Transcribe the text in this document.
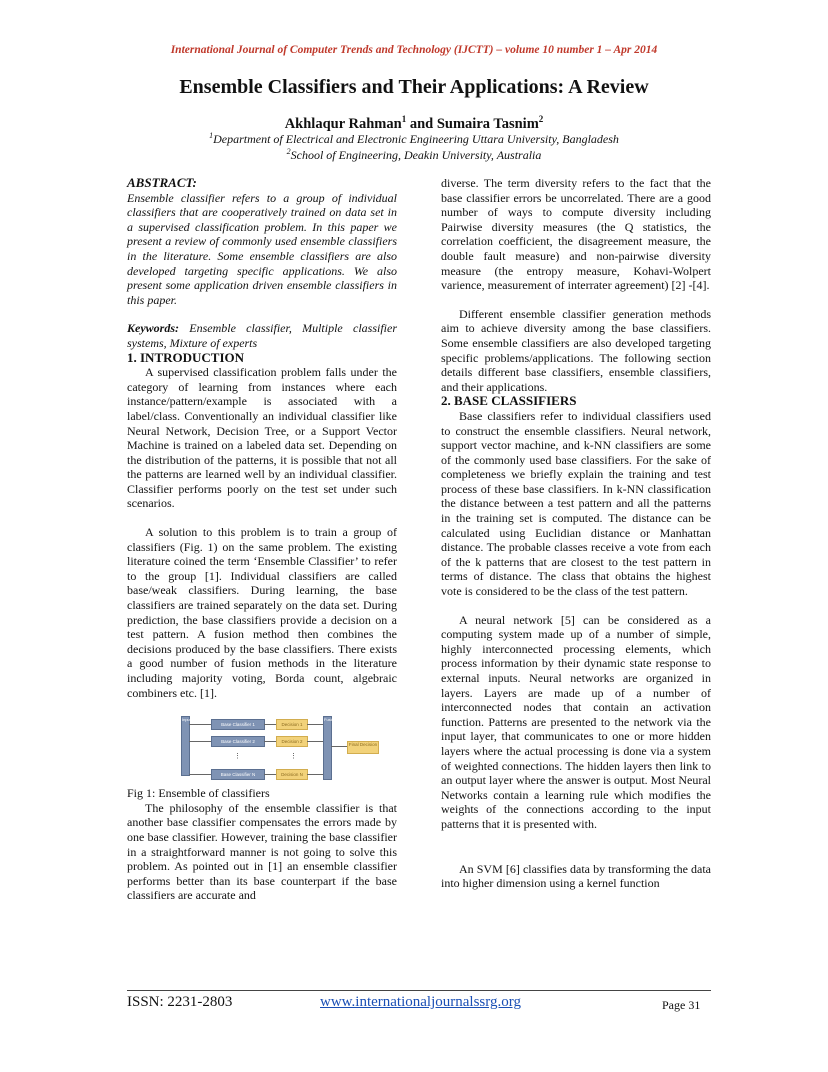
International Journal of Computer Trends and Technology (IJCTT) – volume 10 number 1 – Apr 2014
Ensemble Classifiers and Their Applications: A Review
Akhlaqur Rahman$^1$ and Sumaira Tasnim$^2$
$^1$Department of Electrical and Electronic Engineering Uttara University, Bangladesh
$^2$School of Engineering, Deakin University, Australia

ABSTRACT:

Ensemble classifier refers to a group of individual classifiers that are cooperatively trained on data set in a supervised classification problem. In this paper we present a review of commonly used ensemble classifiers in the literature. Some ensemble classifiers are also developed targeting specific applications. We also present some application driven ensemble classifiers in this paper.

Keywords: Ensemble classifier, Multiple classifier systems, Mixture of experts

1. INTRODUCTION

A supervised classification problem falls under the category of learning from instances where each instance/pattern/example is associated with a label/class. Conventionally an individual classifier like Neural Network, Decision Tree, or a Support Vector Machine is trained on a labeled data set. Depending on the distribution of the patterns, it is possible that not all the patterns are learned well by an individual classifier. Classifier performs poorly on the test set under such scenarios.

A solution to this problem is to train a group of classifiers (Fig. 1) on the same problem. The existing literature coined the term ‘Ensemble Classifier’ to refer to the group [1]. Individual classifiers are called base/weak classifiers. During learning, the base classifiers are trained separately on the data set. During prediction, the base classifiers provide a decision on a test pattern. A fusion method then combines the decisions produced by the base classifiers. There exists a good number of fusion methods in the literature including majority voting, Borda count, algebraic combiners etc. [1].

Input
Base Classifier 1
Base Classifier 2
Base Classifier N
⋮	⋮
Decision 1
Decision 2
Decision N
Fusion
Final Decision

Fig 1: Ensemble of classifiers

The philosophy of the ensemble classifier is that another base classifier compensates the errors made by one base classifier. However, training the base classifier in a straightforward manner is not going to solve this problem. As pointed out in [1] an ensemble classifier performs better than its base counterpart if the base classifiers are accurate and

diverse. The term diversity refers to the fact that the base classifier errors be uncorrelated. There are a good number of ways to compute diversity including Pairwise diversity measures (the Q statistics, the correlation coefficient, the disagreement measure, the double fault measure) and non-pairwise diversity measure (the entropy measure, Kohavi-Wolpert varience, measurement of interrater agreement) [2] -[4].

Different ensemble classifier generation methods aim to achieve diversity among the base classifiers. Some ensemble classifiers are also developed targeting specific problems/applications. The following section details different base classifiers, ensemble classifiers, and their applications.

2. BASE CLASSIFIERS

Base classifiers refer to individual classifiers used to construct the ensemble classifiers. Neural network, support vector machine, and k-NN classifiers are some of the commonly used base classifiers. For the sake of completeness we briefly explain the training and test process of these base classifiers. In k-NN classification the distance between a test pattern and all the patterns in the training set is computed. The distance can be calculated using Euclidian distance or Manhattan distance. The probable classes receive a vote from each of the k patterns that are closest to the test pattern in terms of distance. The class that obtains the highest vote is considered to be the class of the test pattern.

A neural network [5] can be considered as a computing system made up of a number of simple, highly interconnected processing elements, which process information by their dynamic state response to external inputs. Neural networks are organized in layers. Layers are made up of a number of interconnected nodes that contain an activation function. Patterns are presented to the network via the input layer, that communicates to one or more hidden layers where the actual processing is done via a system of weighted connections. The hidden layers then link to an output layer where the answer is output. Most Neural Networks contain a learning rule which modifies the weights of the connections according to the input patterns that it is presented with.

An SVM [6] classifies data by transforming the data into higher dimension using a kernel function

ISSN: 2231-2803	www.internationaljournalssrg.org	Page 31
